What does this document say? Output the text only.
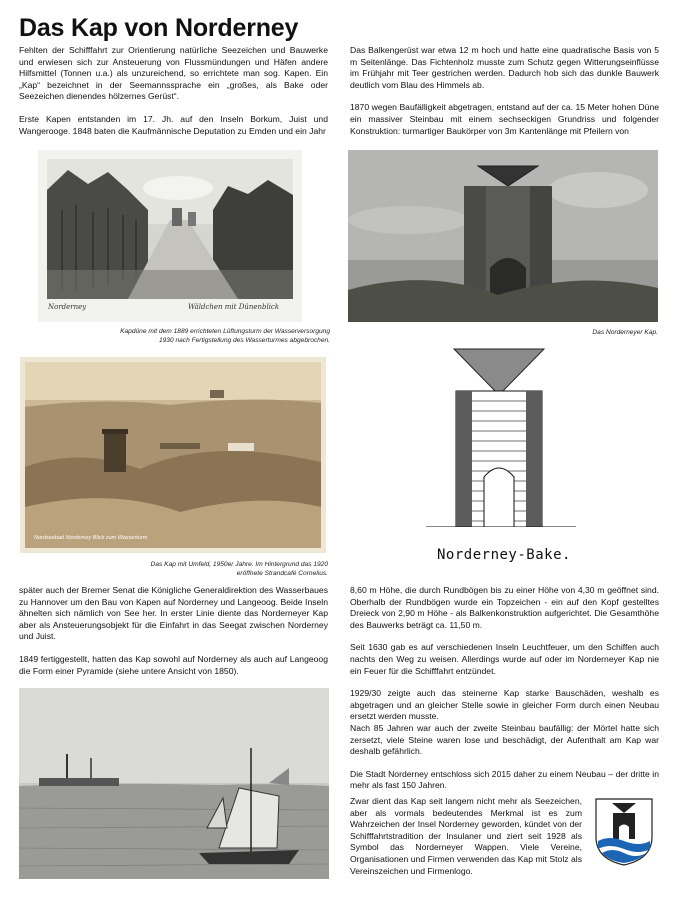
Das Kap von Norderney

Fehlten der Schifffahrt zur Orientierung natürliche Seezeichen und Bauwerke und erwiesen sich zur Ansteuerung von Flussmündungen und Häfen andere Hilfsmittel (Tonnen u.a.) als unzureichend, so errichtete man sog. Kapen. Ein „Kap“ bezeichnet in der Seemannssprache ein „großes, als Bake oder Seezeichen dienendes hölzernes Gerüst“.

Erste Kapen entstanden im 17. Jh. auf den Inseln Borkum, Juist und Wangerooge. 1848 baten die Kaufmännische Deputation zu Emden und ein Jahr

Das Balkengerüst war etwa 12 m hoch und hatte eine quadratische Basis von 5 m Seitenlänge. Das Fichtenholz musste zum Schutz gegen Witterungseinflüsse im Frühjahr mit Teer gestrichen werden. Dadurch hob sich das dunkle Bauwerk deutlich vom Blau des Himmels ab.

1870 wegen Baufälligkeit abgetragen, entstand auf der ca. 15 Meter hohen Düne ein massiver Steinbau mit einem sechseckigen Grundriss und folgender Konstruktion: turmartiger Baukörper von 3m Kantenlänge mit Pfeilern von

Norderney	Wäldchen mit Dünenblick
Kapdüne mit dem 1889 errichteten Lüftungsturm der Wasserversorgung
1930 nach Fertigstellung des Wasserturmes abgebrochen.
Das Norderneyer Kap.
Nordseebad Norderney Blick zum Wasserturm
Das Kap mit Umfeld, 1950er Jahre. Im Hintergrund das 1920
eröffnete Strandcafé Cornelius.
Norderney-Bake.

später auch der Bremer Senat die Königliche Generaldirektion des Wasserbaues zu Hannover um den Bau von Kapen auf Norderney und Langeoog. Beide Inseln ähnelten sich nämlich von See her. In erster Linie diente das Norderneyer Kap aber als Ansteuerungsobjekt für die Einfahrt in das Seegat zwischen Norderney und Juist.

1849 fertiggestellt, hatten das Kap sowohl auf Norderney als auch auf Langeoog die Form einer Pyramide (siehe untere Ansicht von 1850).

8,60 m Höhe, die durch Rundbögen bis zu einer Höhe von 4,30 m geöffnet sind. Oberhalb der Rundbögen wurde ein Topzeichen - ein auf den Kopf gestelltes Dreieck von 2,90 m Höhe - als Balkenkonstruktion aufgerichtet. Die Gesamthöhe des Bauwerks beträgt ca. 11,50 m.

Seit 1630 gab es auf verschiedenen Inseln Leuchtfeuer, um den Schiffen auch nachts den Weg zu weisen. Allerdings wurde auf oder im Norderneyer Kap nie ein Feuer für die Schifffahrt entzündet.

1929/30 zeigte auch das steinerne Kap starke Bauschäden, weshalb es abgetragen und an gleicher Stelle sowie in gleicher Form durch einen Neubau ersetzt werden musste.

Nach 85 Jahren war auch der zweite Steinbau baufällig: der Mörtel hatte sich zersetzt, viele Steine waren lose und beschädigt, der Aufenthalt am Kap war deshalb gefährlich.

Die Stadt Norderney entschloss sich 2015 daher zu einem Neubau – der dritte in mehr als fast 150 Jahren.

Zwar dient das Kap seit langem nicht mehr als Seezeichen, aber als vormals bedeutendes Merkmal ist es zum Wahrzeichen der Insel Norderney geworden, kündet von der Schifffahrtstradition der Insulaner und ziert seit 1928 als Symbol das Norderneyer Wappen. Viele Vereine, Organisationen und Firmen verwenden das Kap mit Stolz als Vereinszeichen und Firmenlogo.
